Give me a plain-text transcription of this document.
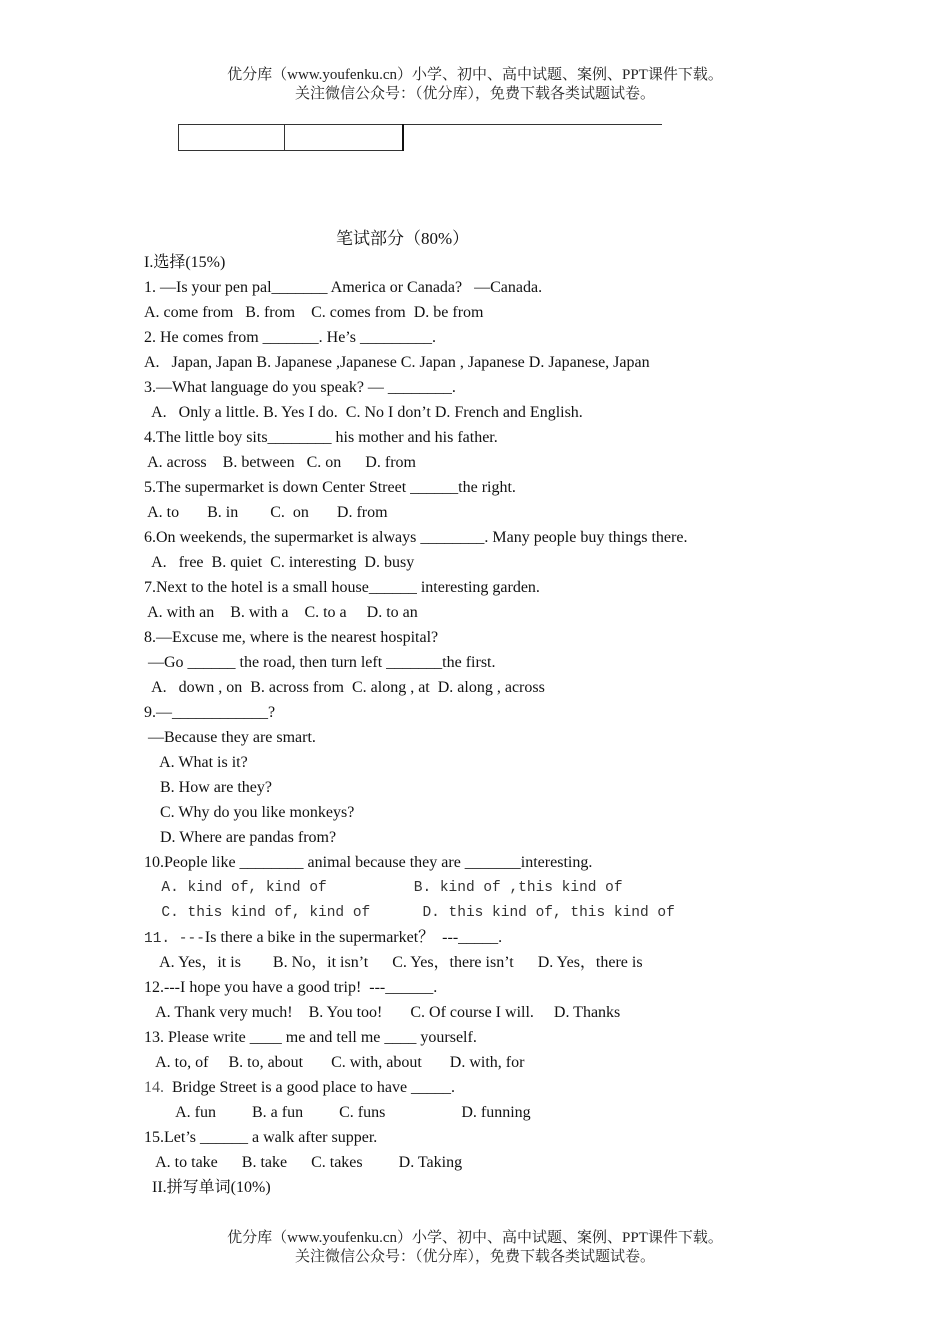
优分库（www.youfenku.cn）小学、初中、高中试题、案例、PPT课件下载。
关注微信公众号：（优分库），免费下载各类试题试卷。

笔试部分（80%）
I.选择(15%)
1. —Is your pen pal_______ America or Canada?   —Canada.
A. come from   B. from    C. comes from  D. be from
2. He comes from _______. He’s _________.
A.   Japan, Japan B. Japanese ,Japanese C. Japan , Japanese D. Japanese, Japan
3.—What language do you speak? — ________.
A.   Only a little. B. Yes I do.  C. No I don’t D. French and English.
4.The little boy sits________ his mother and his father.
A. across    B. between   C. on      D. from
5.The supermarket is down Center Street ______the right.
A. to       B. in        C.  on       D. from
6.On weekends, the supermarket is always ________. Many people buy things there.
A.   free  B. quiet  C. interesting  D. busy
7.Next to the hotel is a small house______ interesting garden.
A. with an    B. with a    C. to a     D. to an
8.—Excuse me, where is the nearest hospital?
—Go ______ the road, then turn left _______the first.
A.   down , on  B. across from  C. along , at  D. along , across
9.—____________?
—Because they are smart.
A. What is it?
B. How are they?
C. Why do you like monkeys?
D. Where are pandas from?
10.People like ________ animal because they are _______interesting.
A. kind of, kind of          B. kind of ,this kind of
C. this kind of, kind of      D. this kind of, this kind of
11. ---Is there a bike in the supermarket？  ---_____.
A. Yes，it is        B. No，it isn’t      C. Yes，there isn’t      D. Yes，there is
12.---I hope you have a good trip!  ---______.
A. Thank very much!    B. You too!       C. Of course I will.     D. Thanks
13. Please write ____ me and tell me ____ yourself.
A. to, of     B. to, about       C. with, about       D. with, for
14.  Bridge Street is a good place to have _____.
A. fun         B. a fun         C. funs                   D. funning
15.Let’s ______ a walk after supper.
A. to take      B. take      C. takes         D. Taking
II.拼写单词(10%)
优分库（www.youfenku.cn）小学、初中、高中试题、案例、PPT课件下载。
关注微信公众号：（优分库），免费下载各类试题试卷。
